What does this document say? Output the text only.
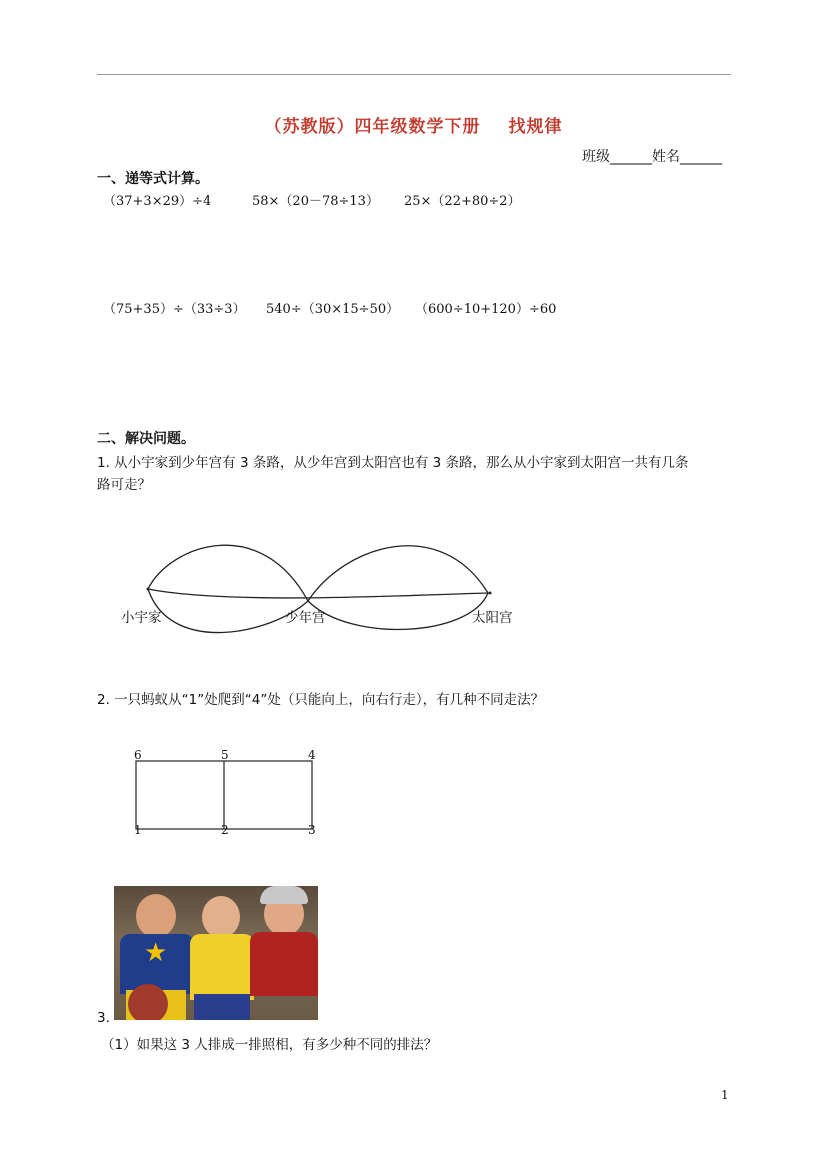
（苏教版）四年级数学下册 找规律
班级______姓名______
一、递等式计算。
（37+3×29）÷4	58×（20－78÷13） 25×（22+80÷2）
（75+35）÷（33÷3） 540÷（30×15÷50） （600÷10+120）÷60
二、解决问题。
1. 从小宇家到少年宫有 3 条路，从少年宫到太阳宫也有 3 条路，那么从小宇家到太阳宫一共有几条
路可走？
小宇家	少年宫	太阳宫
2. 一只蚂蚁从“1”处爬到“4”处（只能向上，向右行走），有几种不同走法？
6	5	4
1	2	3
★
3.
（1）如果这 3 人排成一排照相，有多少种不同的排法？
1
